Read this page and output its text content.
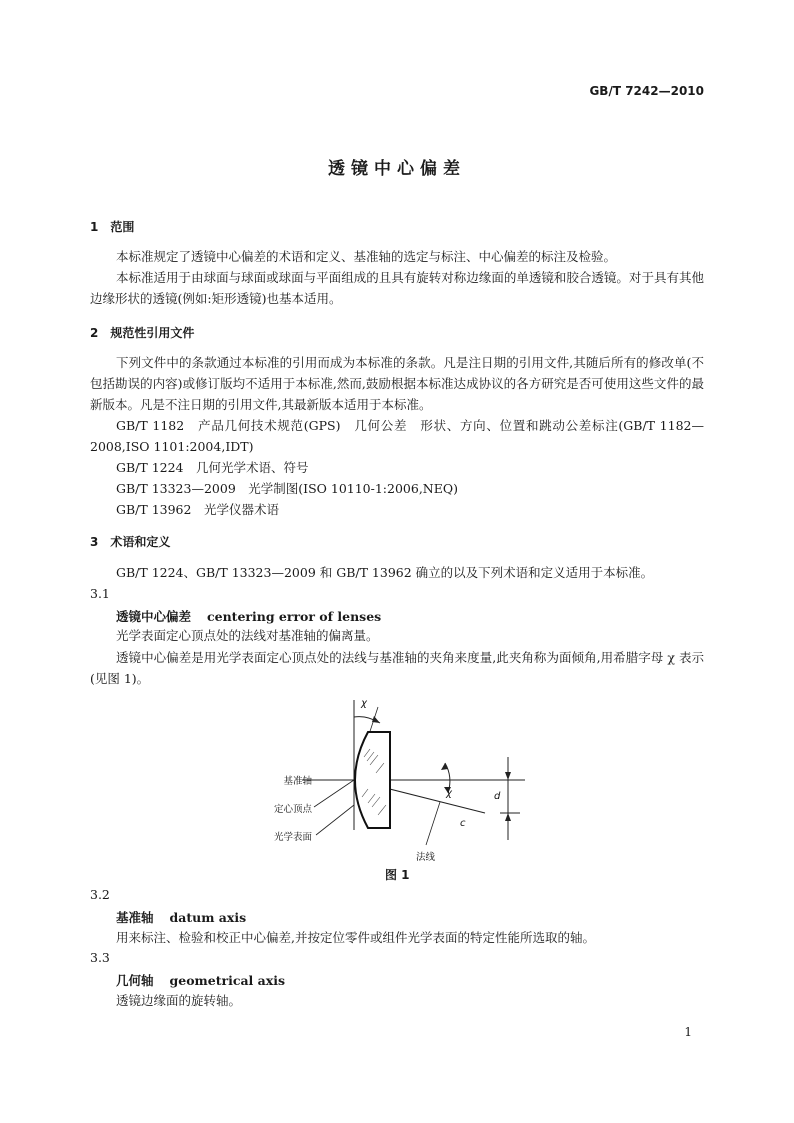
GB/T 7242—2010
透镜中心偏差
1　范围
本标准规定了透镜中心偏差的术语和定义、基准轴的选定与标注、中心偏差的标注及检验。
本标准适用于由球面与球面或球面与平面组成的且具有旋转对称边缘面的单透镜和胶合透镜。对于具有其他边缘形状的透镜(例如:矩形透镜)也基本适用。
2　规范性引用文件
下列文件中的条款通过本标准的引用而成为本标准的条款。凡是注日期的引用文件,其随后所有的修改单(不包括勘误的内容)或修订版均不适用于本标准,然而,鼓励根据本标准达成协议的各方研究是否可使用这些文件的最新版本。凡是不注日期的引用文件,其最新版本适用于本标准。
GB/T 1182　产品几何技术规范(GPS)　几何公差　形状、方向、位置和跳动公差标注(GB/T 1182—2008,ISO 1101:2004,IDT)
GB/T 1224　几何光学术语、符号
GB/T 13323—2009　光学制图(ISO 10110-1:2006,NEQ)
GB/T 13962　光学仪器术语
3　术语和定义
GB/T 1224、GB/T 13323—2009 和 GB/T 13962 确立的以及下列术语和定义适用于本标准。
3.1
透镜中心偏差 centering error of lenses
光学表面定心顶点处的法线对基准轴的偏离量。
透镜中心偏差是用光学表面定心顶点处的法线与基准轴的夹角来度量,此夹角称为面倾角,用希腊字母 χ 表示(见图 1)。
基准轴
定心顶点
光学表面
法线
χ
χ	d
c
图 1
3.2
基准轴 datum axis
用来标注、检验和校正中心偏差,并按定位零件或组件光学表面的特定性能所选取的轴。
3.3
几何轴 geometrical axis
透镜边缘面的旋转轴。
1
